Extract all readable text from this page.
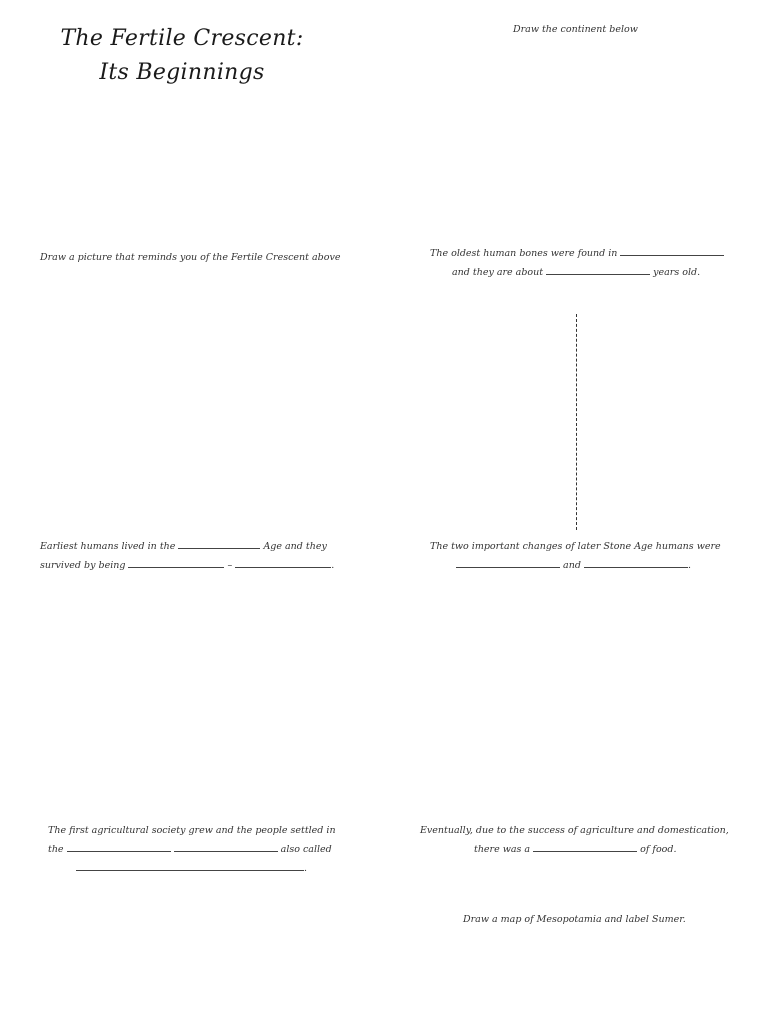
The Fertile Crescent:
Its Beginnings
Draw the continent below
Draw a picture that reminds you of the Fertile Crescent above	The oldest human bones were found in
and they are about	years old.
Earliest humans lived in the	Age and they
survived by being	–	.
The two important changes of later Stone Age humans were
and	.
The first agricultural society grew and the people settled in
the	also called
.
Eventually, due to the success of agriculture and domestication,
there was a	of food.
Draw a map of Mesopotamia and label Sumer.
